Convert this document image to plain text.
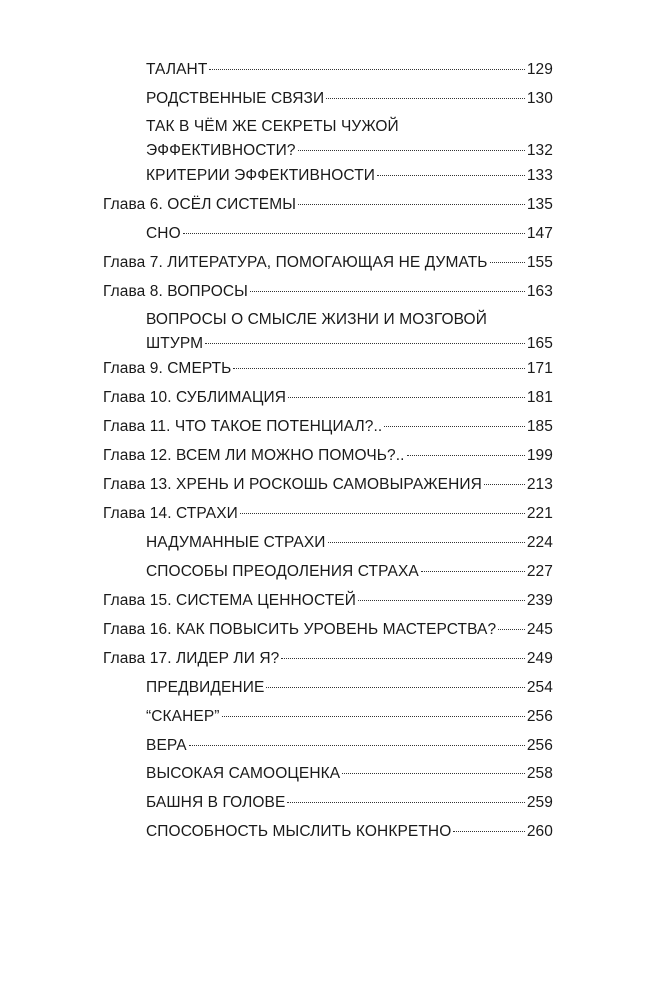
ТАЛАНТ	129
РОДСТВЕННЫЕ СВЯЗИ	130
ТАК В ЧЁМ ЖЕ СЕКРЕТЫ ЧУЖОЙ
ЭФФЕКТИВНОСТИ?	132
КРИТЕРИИ ЭФФЕКТИВНОСТИ	133
Глава 6. ОСЁЛ СИСТЕМЫ	135
СНО	147
Глава 7. ЛИТЕРАТУРА, ПОМОГАЮЩАЯ НЕ ДУМАТЬ	155
Глава 8. ВОПРОСЫ	163
ВОПРОСЫ О СМЫСЛЕ ЖИЗНИ И МОЗГОВОЙ
ШТУРМ	165
Глава 9. СМЕРТЬ	171
Глава 10. СУБЛИМАЦИЯ	181
Глава 11. ЧТО ТАКОЕ ПОТЕНЦИАЛ?..	185
Глава 12. ВСЕМ ЛИ МОЖНО ПОМОЧЬ?..	199
Глава 13. ХРЕНЬ И РОСКОШЬ САМОВЫРАЖЕНИЯ	213
Глава 14. СТРАХИ	221
НАДУМАННЫЕ СТРАХИ	224
СПОСОБЫ ПРЕОДОЛЕНИЯ СТРАХА	227
Глава 15. СИСТЕМА ЦЕННОСТЕЙ	239
Глава 16. КАК ПОВЫСИТЬ УРОВЕНЬ МАСТЕРСТВА? 245
Глава 17. ЛИДЕР ЛИ Я?	249
ПРЕДВИДЕНИЕ	254
“СКАНЕР”	256
ВЕРА	256
ВЫСОКАЯ САМООЦЕНКА	258
БАШНЯ В ГОЛОВЕ	259
СПОСОБНОСТЬ МЫСЛИТЬ КОНКРЕТНО	260
